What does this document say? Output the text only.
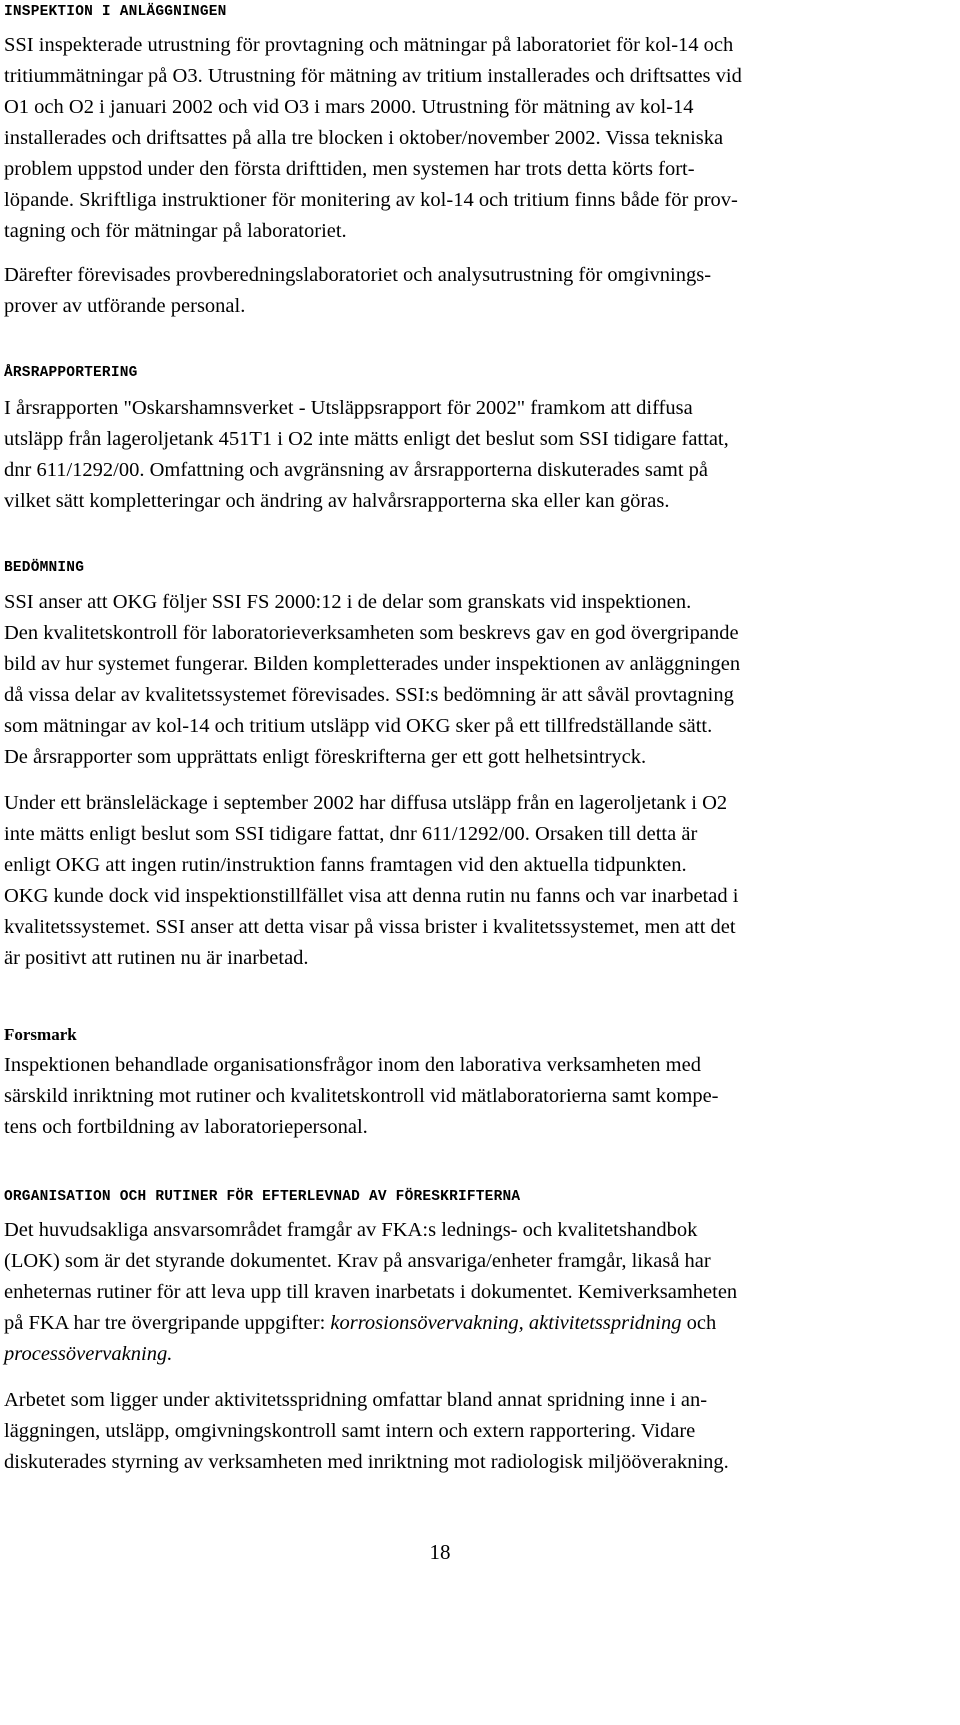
INSPEKTION I ANLÄGGNINGEN
SSI inspekterade utrustning för provtagning och mätningar på laboratoriet för kol-14 och
tritiummätningar på O3. Utrustning för mätning av tritium installerades och driftsattes vid
O1 och O2 i januari 2002 och vid O3 i mars 2000. Utrustning för mätning av kol-14
installerades och driftsattes på alla tre blocken i oktober/november 2002. Vissa tekniska
problem uppstod under den första drifttiden, men systemen har trots detta körts fort-
löpande. Skriftliga instruktioner för monitering av kol-14 och tritium finns både för prov-
tagning och för mätningar på laboratoriet.
Därefter förevisades provberedningslaboratoriet och analysutrustning för omgivnings-
prover av utförande personal.
ÅRSRAPPORTERING
I årsrapporten "Oskarshamnsverket - Utsläppsrapport för 2002" framkom att diffusa
utsläpp från lageroljetank 451T1 i O2 inte mätts enligt det beslut som SSI tidigare fattat,
dnr 611/1292/00. Omfattning och avgränsning av årsrapporterna diskuterades samt på
vilket sätt kompletteringar och ändring av halvårsrapporterna ska eller kan göras.
BEDÖMNING
SSI anser att OKG följer SSI FS 2000:12 i de delar som granskats vid inspektionen.
Den kvalitetskontroll för laboratorieverksamheten som beskrevs gav en god övergripande
bild av hur systemet fungerar. Bilden kompletterades under inspektionen av anläggningen
då vissa delar av kvalitetssystemet förevisades. SSI:s bedömning är att såväl provtagning
som mätningar av kol-14 och tritium utsläpp vid OKG sker på ett tillfredställande sätt.
De årsrapporter som upprättats enligt föreskrifterna ger ett gott helhetsintryck.
Under ett bränsleläckage i september 2002 har diffusa utsläpp från en lageroljetank i O2
inte mätts enligt beslut som SSI tidigare fattat, dnr 611/1292/00. Orsaken till detta är
enligt OKG att ingen rutin/instruktion fanns framtagen vid den aktuella tidpunkten.
OKG kunde dock vid inspektionstillfället visa att denna rutin nu fanns och var inarbetad i
kvalitetssystemet. SSI anser att detta visar på vissa brister i kvalitetssystemet, men att det
är positivt att rutinen nu är inarbetad.
Forsmark
Inspektionen behandlade organisationsfrågor inom den laborativa verksamheten med
särskild inriktning mot rutiner och kvalitetskontroll vid mätlaboratorierna samt kompe-
tens och fortbildning av laboratoriepersonal.
ORGANISATION OCH RUTINER FÖR EFTERLEVNAD AV FÖRESKRIFTERNA
Det huvudsakliga ansvarsområdet framgår av FKA:s lednings- och kvalitetshandbok
(LOK) som är det styrande dokumentet. Krav på ansvariga/enheter framgår, likaså har
enheternas rutiner för att leva upp till kraven inarbetats i dokumentet. Kemiverksamheten
på FKA har tre övergripande uppgifter: korrosionsövervakning, aktivitetsspridning och
processövervakning.
Arbetet som ligger under aktivitetsspridning omfattar bland annat spridning inne i an-
läggningen, utsläpp, omgivningskontroll samt intern och extern rapportering. Vidare
diskuterades styrning av verksamheten med inriktning mot radiologisk miljööverakning.
18
